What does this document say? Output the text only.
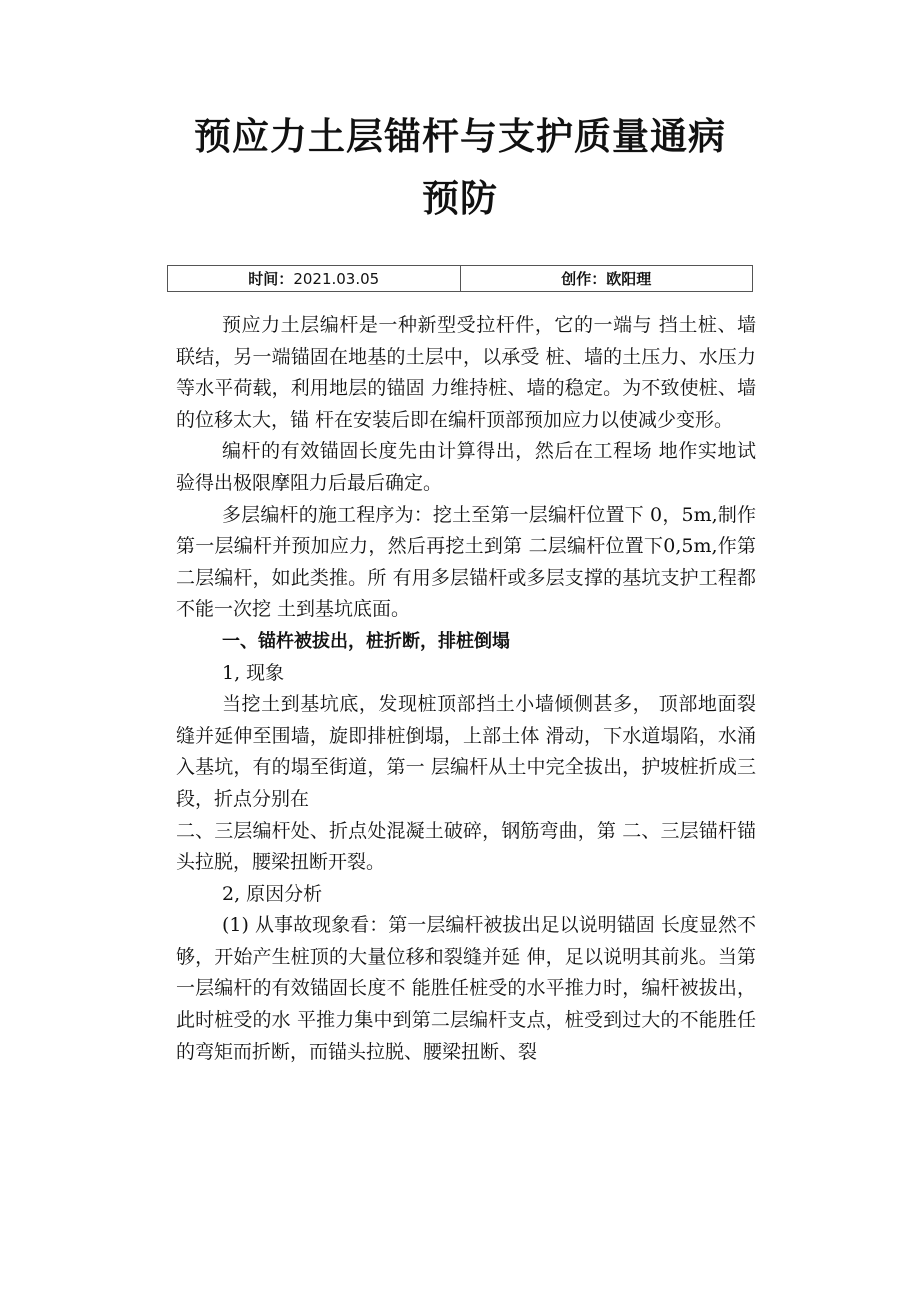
预应力土层锚杆与支护质量通病
预防
时间： 2021.03.05	创作： 欧阳理

预应力土层编杆是一种新型受拉杆件，它的一端与 挡土桩、墙联结，另一端锚固在地基的土层中，以承受 桩、墙的土压力、水压力等水平荷载，利用地层的锚固 力维持桩、墙的稳定。为不致使桩、墙的位移太大，锚 杆在安装后即在编杆顶部预加应力以使减少变形。

编杆的有效锚固长度先由计算得出，然后在工程场 地作实地试验得出极限摩阻力后最后确定。

多层编杆的施工程序为：挖土至第一层编杆位置下 0，5m,制作第一层编杆并预加应力，然后再挖土到第 二层编杆位置下0,5m,作第二层编杆，如此类推。所 有用多层锚杆或多层支撑的基坑支护工程都不能一次挖 土到基坑底面。

一、锚杵被拔出，桩折断，排桩倒塌

1, 现象

当挖土到基坑底，发现桩顶部挡土小墙倾侧甚多， 顶部地面裂缝并延伸至围墙，旋即排桩倒塌，上部土体 滑动，下水道塌陷，水涌入基坑，有的塌至街道，第一 层编杆从土中完全拔出，护坡桩折成三段，折点分别在

二、三层编杆处、折点处混凝土破碎，钢筋弯曲，第 二、三层锚杆锚头拉脱，腰梁扭断开裂。

2, 原因分析

(1) 从事故现象看：第一层编杆被拔出足以说明锚固 长度显然不够，开始产生桩顶的大量位移和裂缝并延 伸，足以说明其前兆。当第一层编杆的有效锚固长度不 能胜任桩受的水平推力时，编杆被拔出，此时桩受的水 平推力集中到第二层编杆支点，桩受到过大的不能胜任 的弯矩而折断，而锚头拉脱、腰梁扭断、裂
